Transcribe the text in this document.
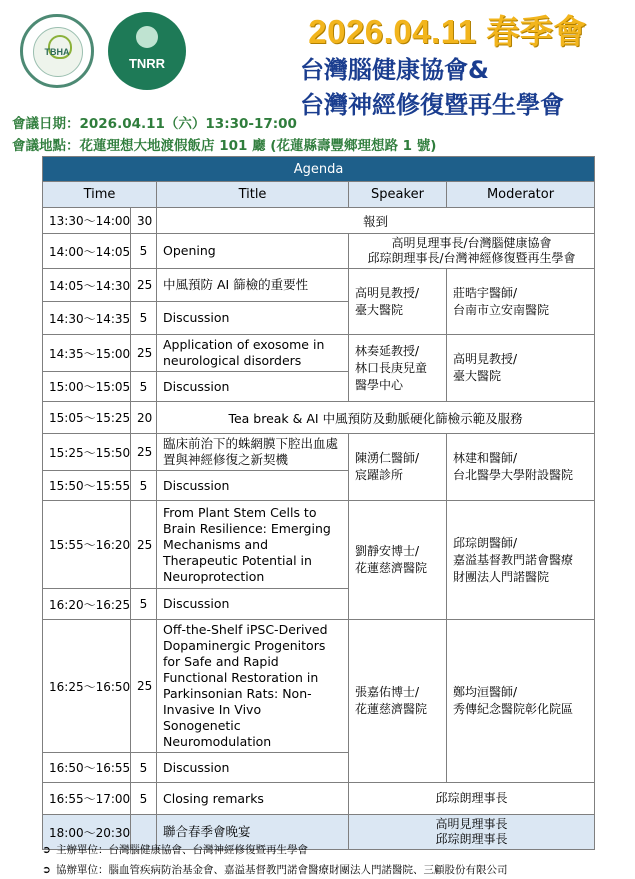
TBHA
TNRR
2026.04.11 春季會
台灣腦健康協會&
台灣神經修復暨再生學會
會議日期：2026.04.11（六）13:30-17:00
會議地點：花蓮理想大地渡假飯店 101 廳 (花蓮縣壽豐鄉理想路 1 號)
Agenda				
Time		Title	Speaker	Moderator
13:30～14:00	30	報到		
14:00～14:05	5	Opening	高明見理事長/台灣腦健康協會
邱琮朗理事長/台灣神經修復暨再生學會	
14:05～14:30	25	中風預防 AI 篩檢的重要性	高明見教授/
臺大醫院	莊晧宇醫師/
台南市立安南醫院
14:30～14:35	5	Discussion		
14:35～15:00	25	Application of exosome in neurological disorders	林奏延教授/
林口長庚兒童
醫學中心	高明見教授/
臺大醫院
15:00～15:05	5	Discussion		
15:05～15:25	20	Tea break & AI 中風預防及動脈硬化篩檢示範及服務		
15:25～15:50	25	臨床前治下的蛛網膜下腔出血處置與神經修復之新契機	陳湧仁醫師/
宸躍診所	林建和醫師/
台北醫學大學附設醫院
15:50～15:55	5	Discussion		
15:55～16:20	25	From Plant Stem Cells to Brain Resilience: Emerging Mechanisms and Therapeutic Potential in Neuroprotection	劉靜安博士/
花蓮慈濟醫院	邱琮朗醫師/
嘉溢基督教門諾會醫療
財團法人門諾醫院
16:20～16:25	5	Discussion		
16:25～16:50	25	Off-the-Shelf iPSC-Derived Dopaminergic Progenitors for Safe and Rapid Functional Restoration in Parkinsonian Rats: Non-Invasive In Vivo Sonogenetic Neuromodulation	張嘉佑博士/
花蓮慈濟醫院	鄭均洹醫師/
秀傳紀念醫院彰化院區
16:50～16:55	5	Discussion		
16:55～17:00	5	Closing remarks	邱琮朗理事長	
18:00～20:30		聯合春季會晚宴	高明見理事長
邱琮朗理事長	
➲ 主辦單位：台灣腦健康協會、台灣神經修復暨再生學會
➲ 協辦單位：腦血管疾病防治基金會、嘉溢基督教門諾會醫療財團法人門諾醫院、三顧股份有限公司
